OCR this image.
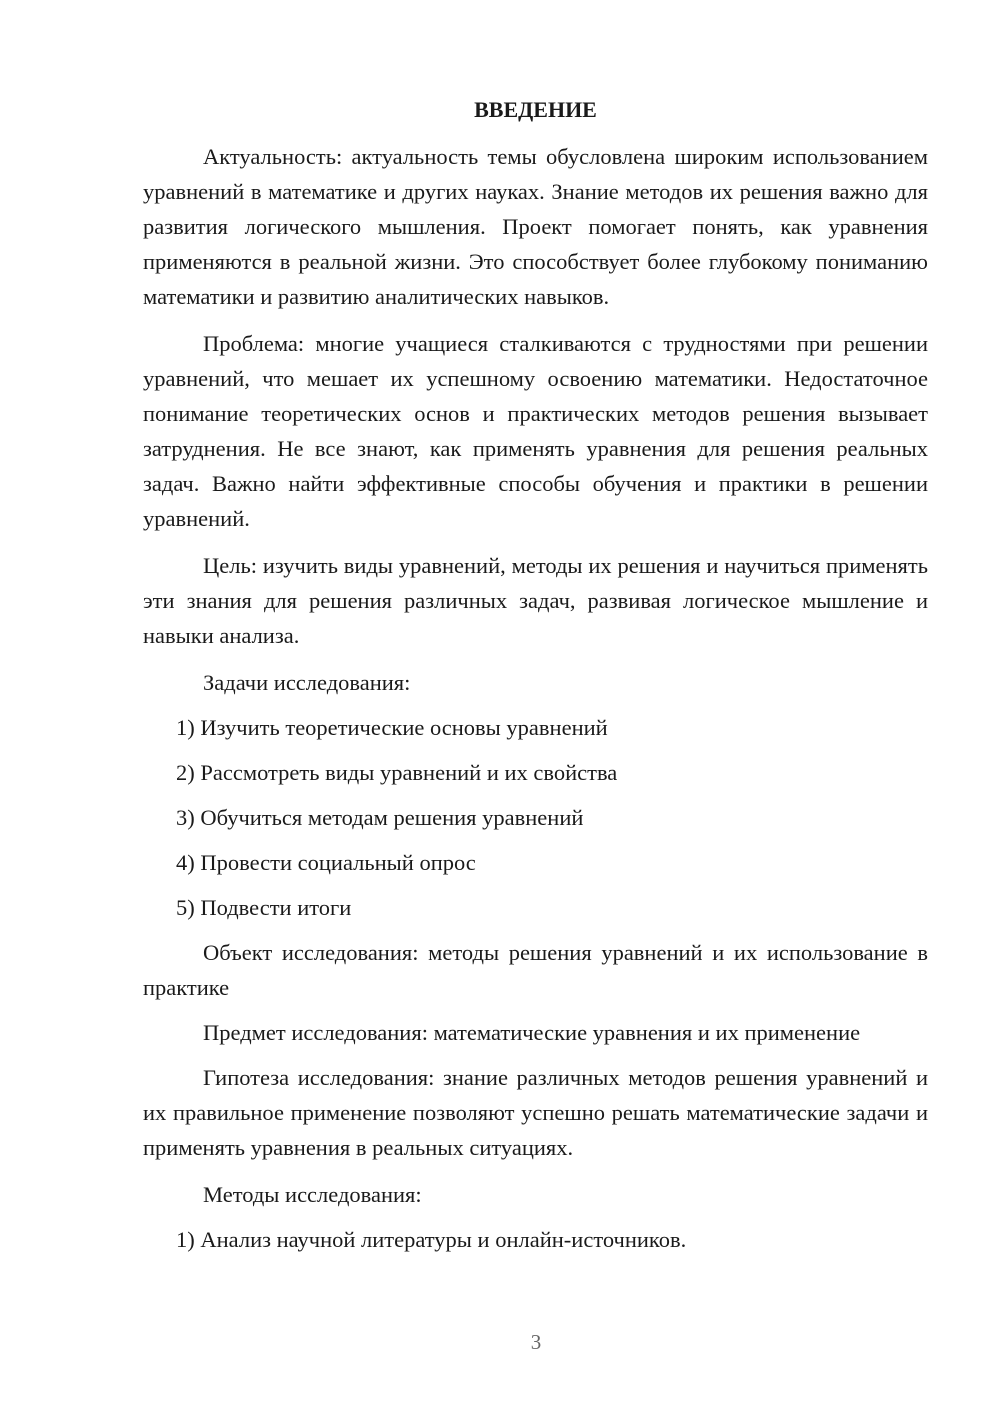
ВВЕДЕНИЕ

Актуальность: актуальность темы обусловлена широким использованием уравнений в математике и других науках. Знание методов их решения важно для развития логического мышления. Проект помогает понять, как уравнения применяются в реальной жизни. Это способствует более глубокому пониманию математики и развитию аналитических навыков.

Проблема: многие учащиеся сталкиваются с трудностями при решении уравнений, что мешает их успешному освоению математики. Недостаточное понимание теоретических основ и практических методов решения вызывает затруднения. Не все знают, как применять уравнения для решения реальных задач. Важно найти эффективные способы обучения и практики в решении уравнений.

Цель: изучить виды уравнений, методы их решения и научиться применять эти знания для решения различных задач, развивая логическое мышление и навыки анализа.

Задачи исследования:

1) Изучить теоретические основы уравнений
2) Рассмотреть виды уравнений и их свойства
3) Обучиться методам решения уравнений
4) Провести социальный опрос
5) Подвести итоги

Объект исследования: методы решения уравнений и их использование в практике

Предмет исследования: математические уравнения и их применение

Гипотеза исследования: знание различных методов решения уравнений и их правильное применение позволяют успешно решать математические задачи и применять уравнения в реальных ситуациях.

Методы исследования:

1) Анализ научной литературы и онлайн-источников.
3
